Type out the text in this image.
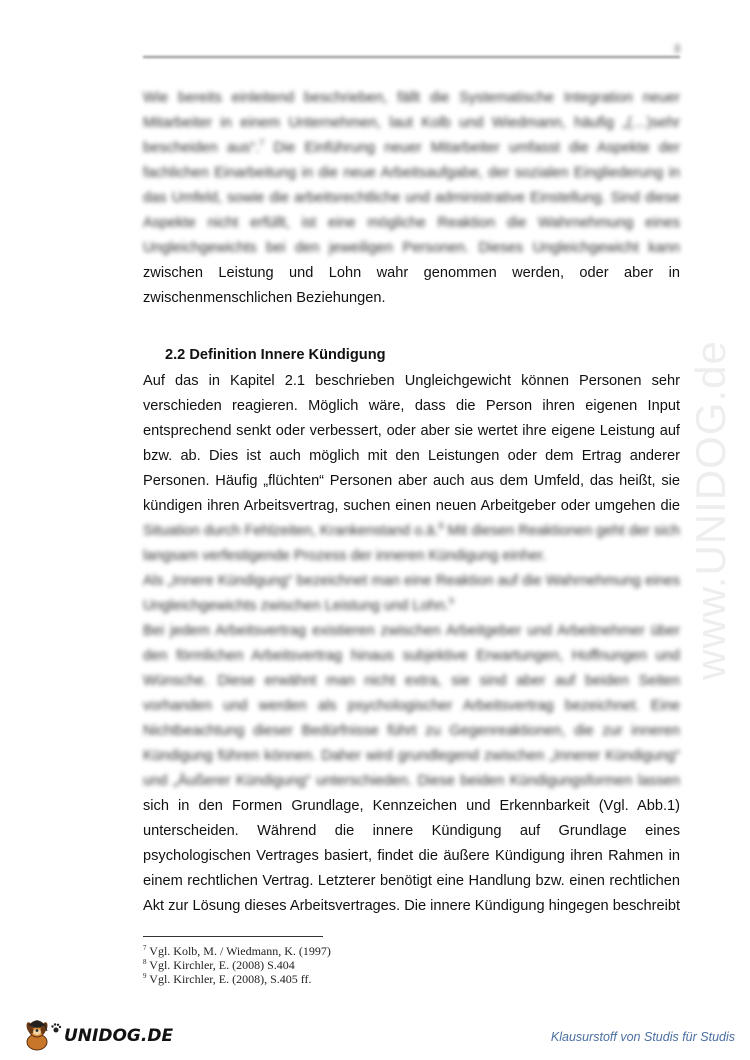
3
www.UNIDOG.de
Wie bereits einleitend beschrieben, fällt die Systematische Integration neuer
Mitarbeiter in einem Unternehmen, laut Kolb und Wiedmann, häufig „(…)sehr
bescheiden aus“.$^7$ Die Einführung neuer Mitarbeiter umfasst die Aspekte der
fachlichen Einarbeitung in die neue Arbeitsaufgabe, der sozialen Eingliederung in
das Umfeld, sowie die arbeitsrechtliche und administrative Einstellung. Sind diese
Aspekte nicht erfüllt, ist eine mögliche Reaktion die Wahrnehmung eines
Ungleichgewichts bei den jeweiligen Personen. Dieses Ungleichgewicht kann
zwischen Leistung und Lohn wahr genommen werden, oder aber in
zwischenmenschlichen Beziehungen.
2.2 Definition Innere Kündigung
Auf das in Kapitel 2.1 beschrieben Ungleichgewicht können Personen sehr
verschieden reagieren. Möglich wäre, dass die Person ihren eigenen Input
entsprechend senkt oder verbessert, oder aber sie wertet ihre eigene Leistung auf
bzw. ab. Dies ist auch möglich mit den Leistungen oder dem Ertrag anderer
Personen. Häufig „flüchten“ Personen aber auch aus dem Umfeld, das heißt, sie
kündigen ihren Arbeitsvertrag, suchen einen neuen Arbeitgeber oder umgehen die
Situation durch Fehlzeiten, Krankenstand o.ä.$^8$ Mit diesen Reaktionen geht der sich
langsam verfestigende Prozess der inneren Kündigung einher.
Als „Innere Kündigung“ bezeichnet man eine Reaktion auf die Wahrnehmung eines
Ungleichgewichts zwischen Leistung und Lohn.$^9$
Bei jedem Arbeitsvertrag existieren zwischen Arbeitgeber und Arbeitnehmer über
den förmlichen Arbeitsvertrag hinaus subjektive Erwartungen, Hoffnungen und
Wünsche. Diese erwähnt man nicht extra, sie sind aber auf beiden Seiten
vorhanden und werden als psychologischer Arbeitsvertrag bezeichnet. Eine
Nichtbeachtung dieser Bedürfnisse führt zu Gegenreaktionen, die zur inneren
Kündigung führen können. Daher wird grundlegend zwischen „Innerer Kündigung“
und „Äußerer Kündigung“ unterschieden. Diese beiden Kündigungsformen lassen
sich in den Formen Grundlage, Kennzeichen und Erkennbarkeit (Vgl. Abb.1)
unterscheiden. Während die innere Kündigung auf Grundlage eines
psychologischen Vertrages basiert, findet die äußere Kündigung ihren Rahmen in
einem rechtlichen Vertrag. Letzterer benötigt eine Handlung bzw. einen rechtlichen
Akt zur Lösung dieses Arbeitsvertrages. Die innere Kündigung hingegen beschreibt
$^7$ Vgl. Kolb, M. / Wiedmann, K. (1997)
$^8$ Vgl. Kirchler, E. (2008) S.404
$^9$ Vgl. Kirchler, E. (2008), S.405 ff.
UNIDOG.DE	Klausurstoff von Studis für Studis
